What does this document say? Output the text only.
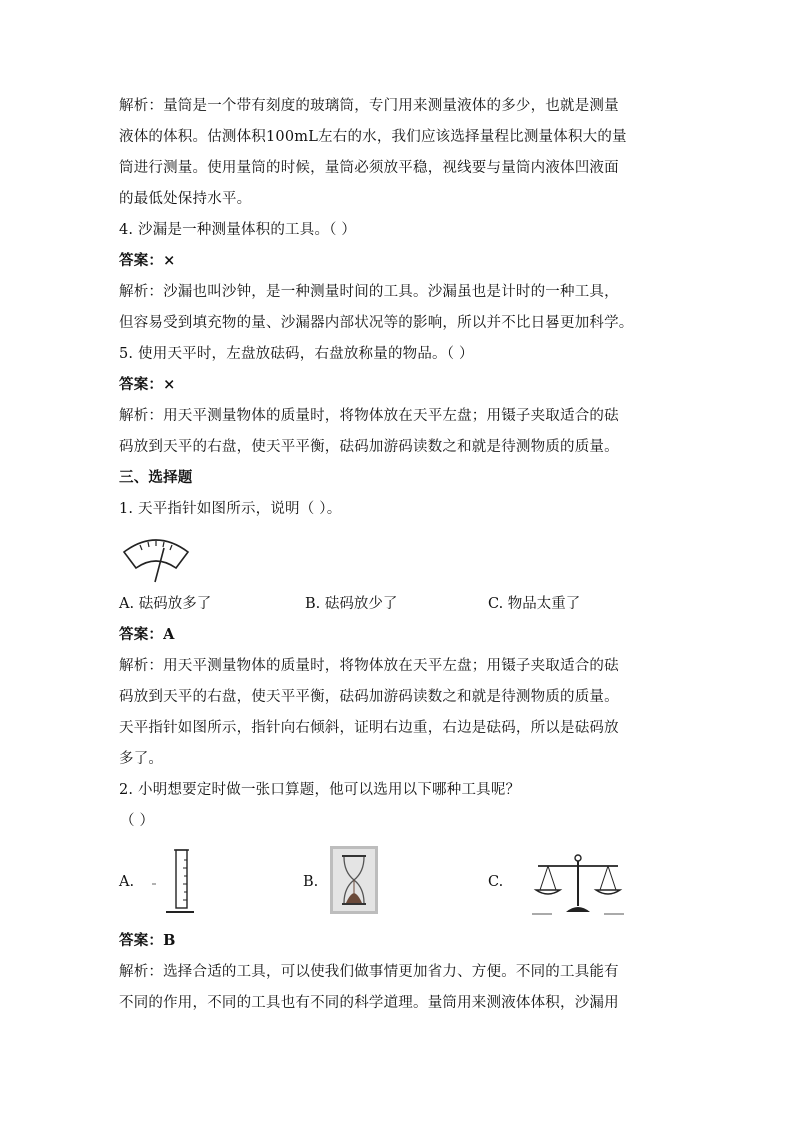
解析：量筒是一个带有刻度的玻璃筒，专门用来测量液体的多少，也就是测量
液体的体积。估测体积100mL左右的水，我们应该选择量程比测量体积大的量
筒进行测量。使用量筒的时候，量筒必须放平稳，视线要与量筒内液体凹液面
的最低处保持水平。
4. 沙漏是一种测量体积的工具。（ ）
答案：×
解析：沙漏也叫沙钟，是一种测量时间的工具。沙漏虽也是计时的一种工具，
但容易受到填充物的量、沙漏器内部状况等的影响，所以并不比日晷更加科学。
5. 使用天平时，左盘放砝码，右盘放称量的物品。（ ）
答案：×
解析：用天平测量物体的质量时，将物体放在天平左盘；用镊子夹取适合的砝
码放到天平的右盘，使天平平衡，砝码加游码读数之和就是待测物质的质量。
三、选择题
1. 天平指针如图所示，说明（ ）。
A. 砝码放多了	B. 砝码放少了	C. 物品太重了
答案：A
解析：用天平测量物体的质量时，将物体放在天平左盘；用镊子夹取适合的砝
码放到天平的右盘，使天平平衡，砝码加游码读数之和就是待测物质的质量。
天平指针如图所示，指针向右倾斜，证明右边重，右边是砝码，所以是砝码放
多了。
2. 小明想要定时做一张口算题，他可以选用以下哪种工具呢？
（ ）
A.	B.	C.
答案：B
解析：选择合适的工具，可以使我们做事情更加省力、方便。不同的工具能有
不同的作用，不同的工具也有不同的科学道理。量筒用来测液体体积，沙漏用
